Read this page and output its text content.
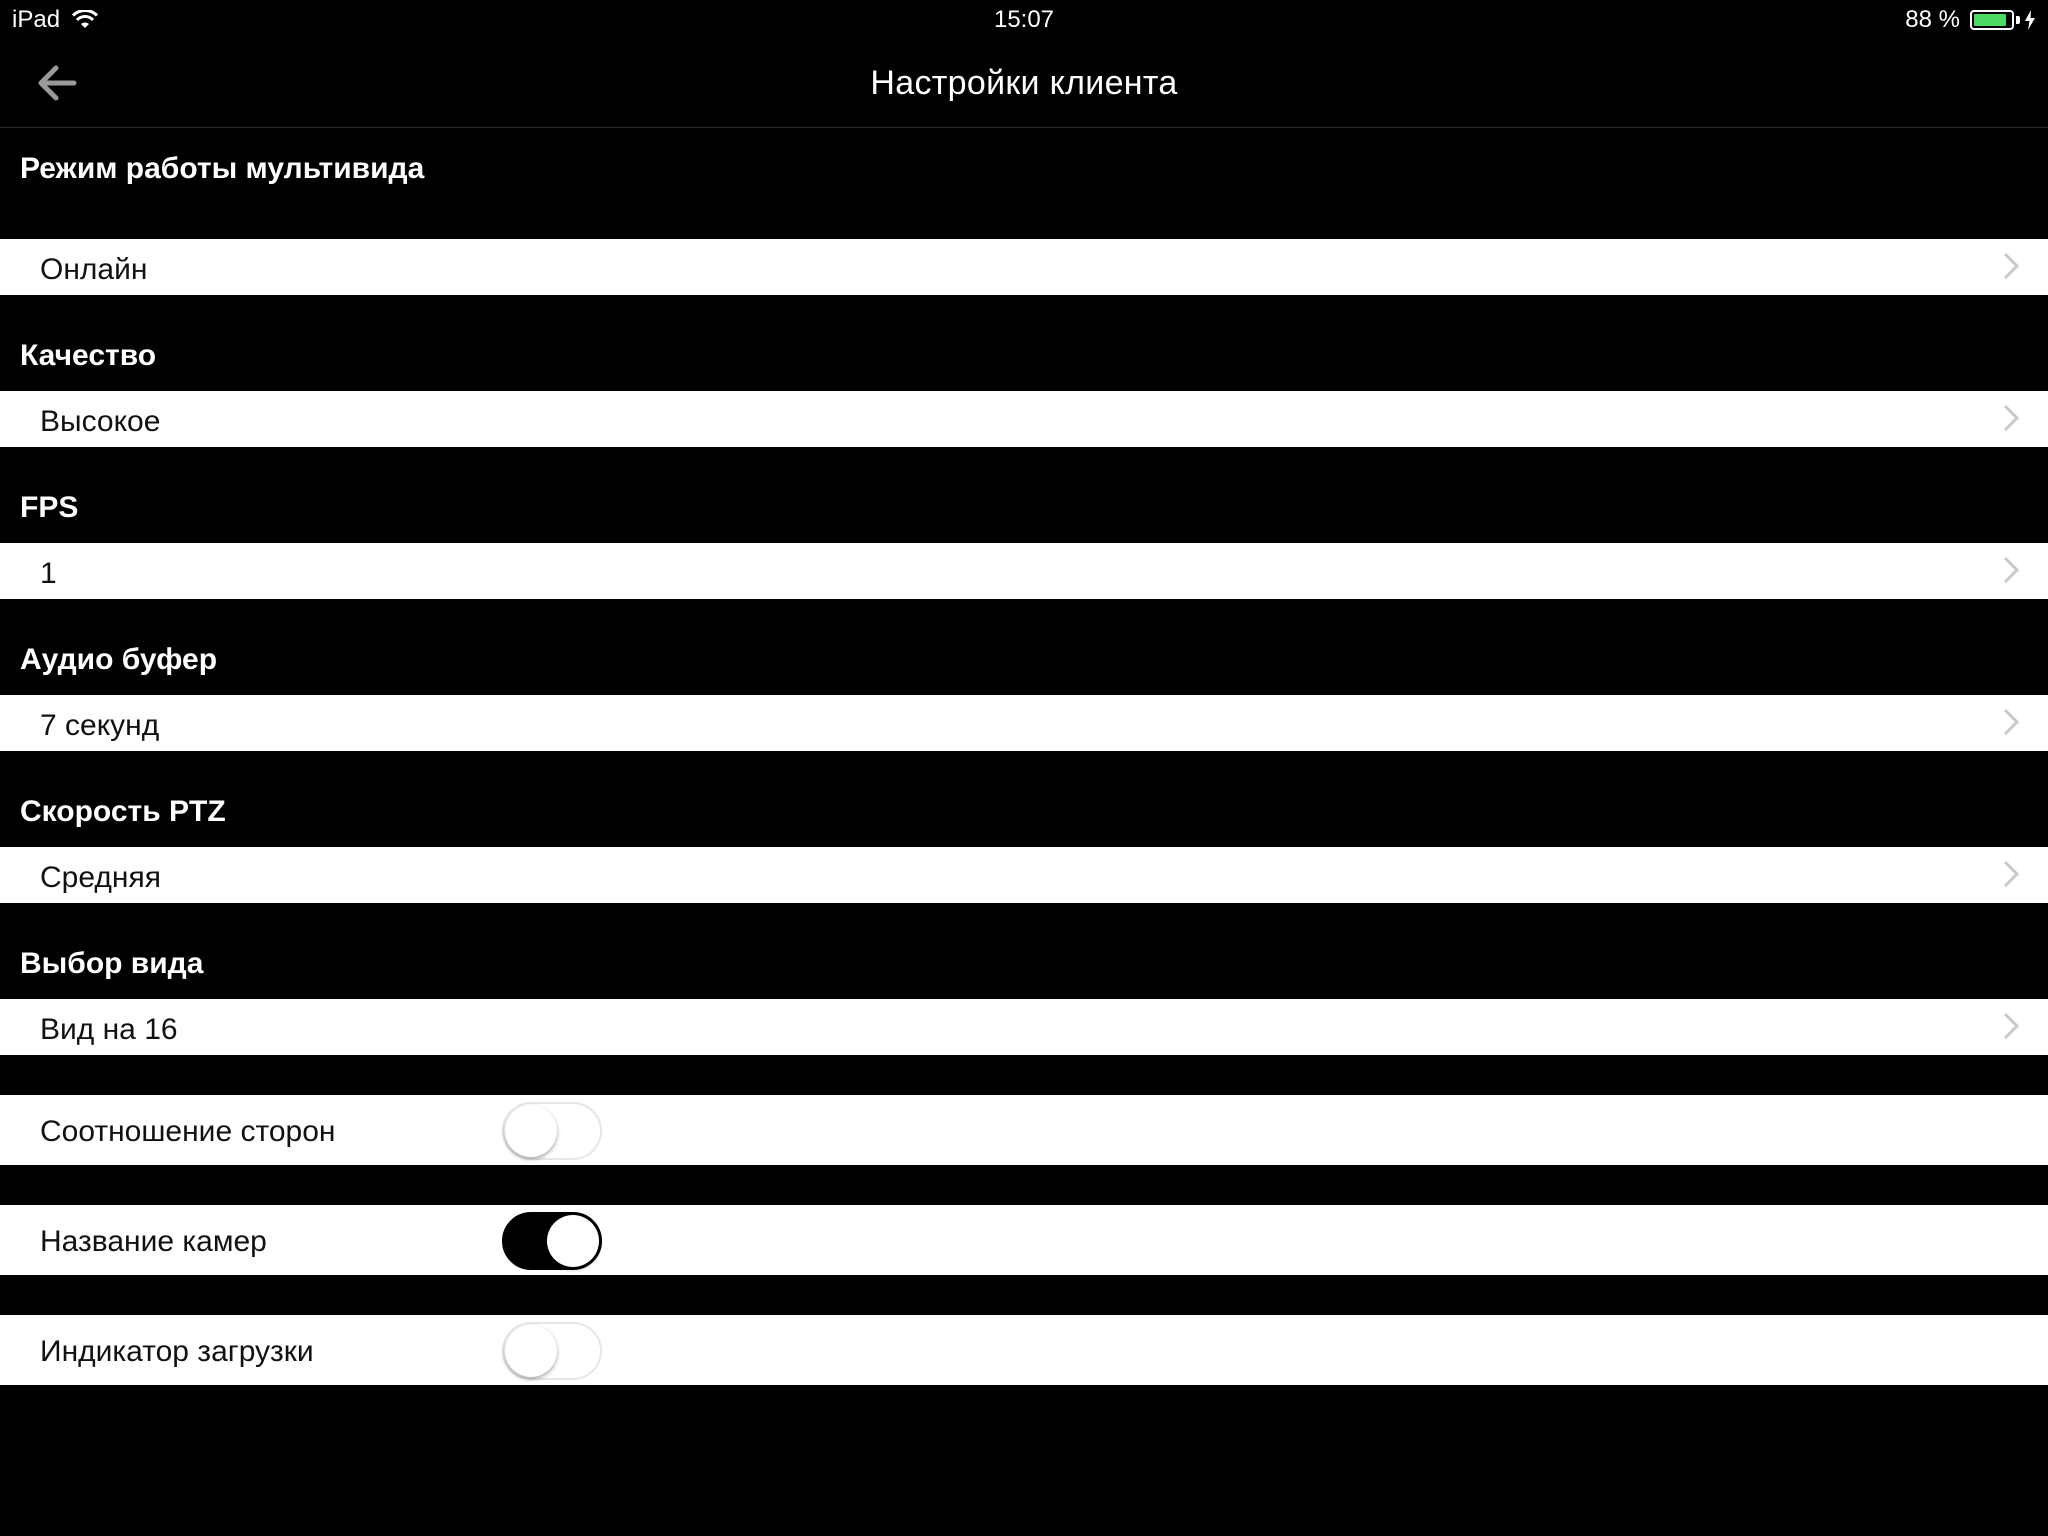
iPad	15:07	88 %
Настройки клиента
Режим работы мультивида
Онлайн
Качество
Высокое
FPS
1
Аудио буфер
7 секунд
Скорость PTZ
Средняя
Выбор вида
Вид на 16
Соотношение сторон
Название камер
Индикатор загрузки
